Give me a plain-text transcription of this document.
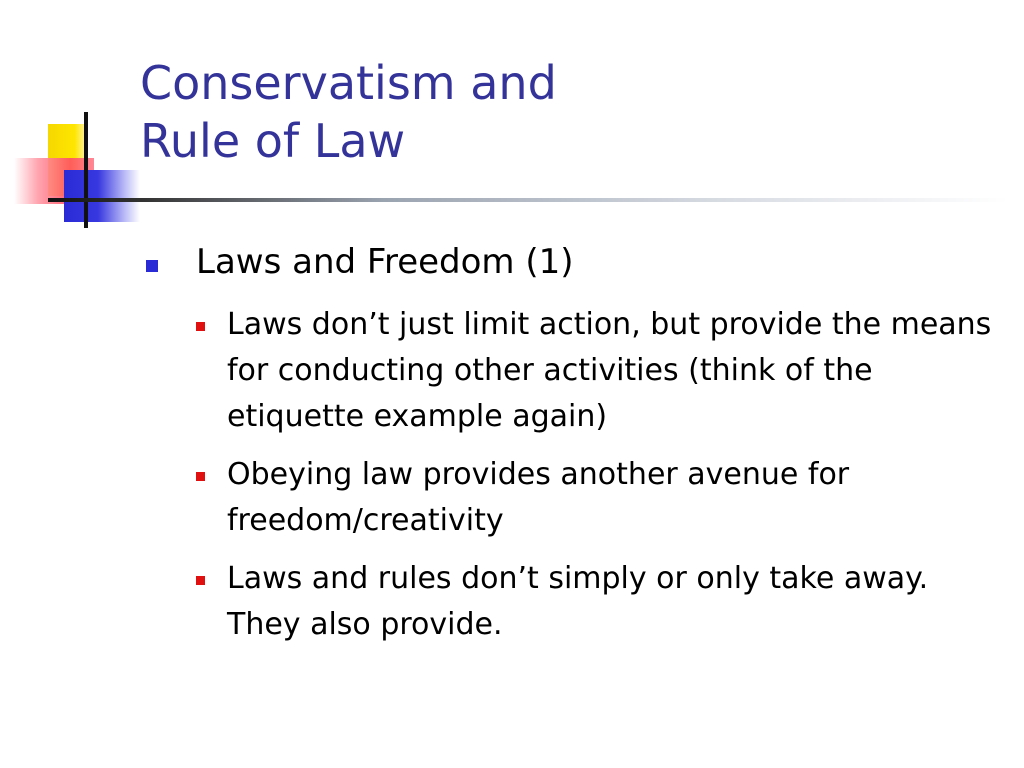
Conservatism and
Rule of Law

Laws and Freedom (1)

Laws don’t just limit action, but provide the means for conducting other activities (think of the etiquette example again)
Obeying law provides another avenue for freedom/creativity
Laws and rules don’t simply or only take away. They also provide.
